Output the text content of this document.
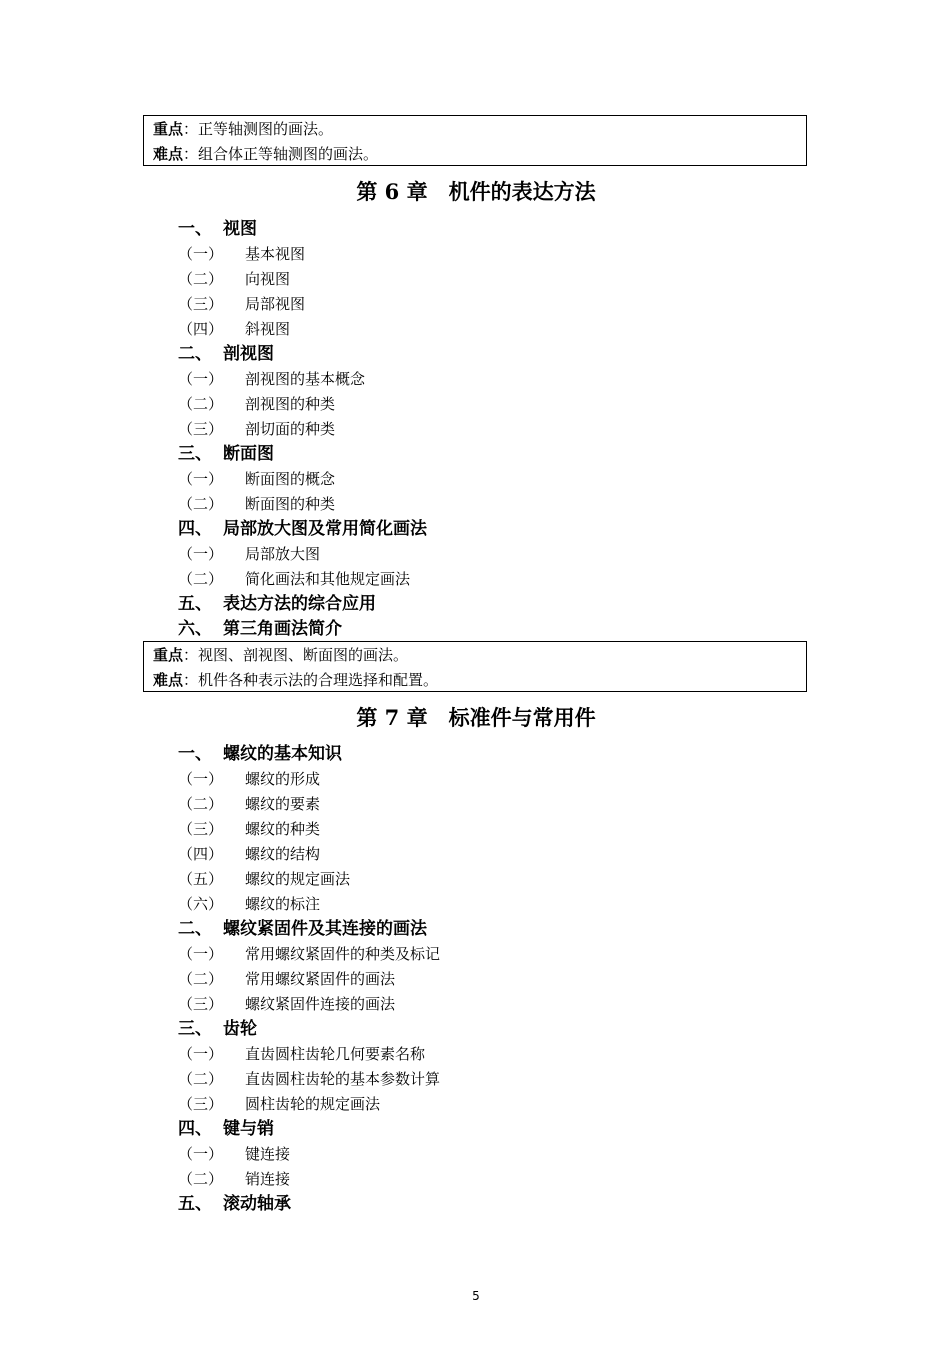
重点：正等轴测图的画法。
难点：组合体正等轴测图的画法。
第 6 章　机件的表达方法
一、 视图
（一） 基本视图
（二） 向视图
（三） 局部视图
（四） 斜视图
二、 剖视图
（一） 剖视图的基本概念
（二） 剖视图的种类
（三） 剖切面的种类
三、 断面图
（一） 断面图的概念
（二） 断面图的种类
四、 局部放大图及常用简化画法
（一） 局部放大图
（二） 简化画法和其他规定画法
五、 表达方法的综合应用
六、 第三角画法简介
重点：视图、剖视图、断面图的画法。
难点：机件各种表示法的合理选择和配置。
第 7 章　标准件与常用件
一、 螺纹的基本知识
（一） 螺纹的形成
（二） 螺纹的要素
（三） 螺纹的种类
（四） 螺纹的结构
（五） 螺纹的规定画法
（六） 螺纹的标注
二、 螺纹紧固件及其连接的画法
（一） 常用螺纹紧固件的种类及标记
（二） 常用螺纹紧固件的画法
（三） 螺纹紧固件连接的画法
三、 齿轮
（一） 直齿圆柱齿轮几何要素名称
（二） 直齿圆柱齿轮的基本参数计算
（三） 圆柱齿轮的规定画法
四、 键与销
（一） 键连接
（二） 销连接
五、 滚动轴承
5
